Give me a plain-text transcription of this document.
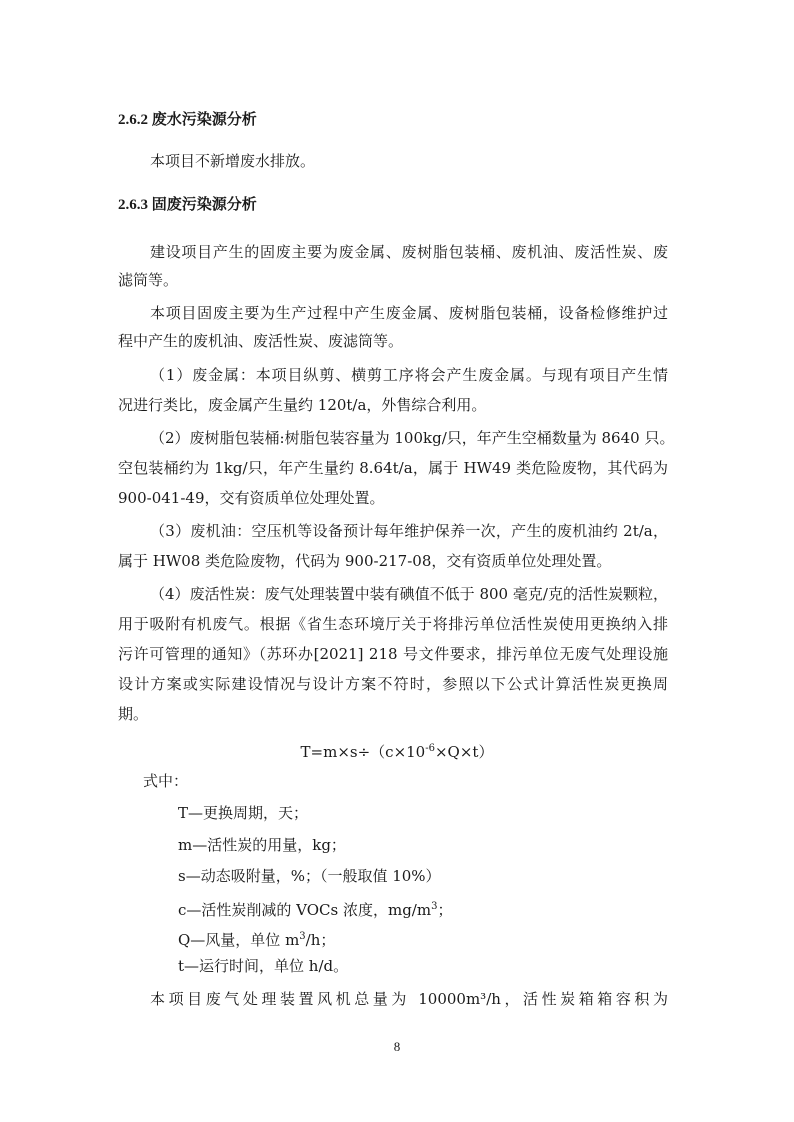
2.6.2 废水污染源分析
本项目不新增废水排放。
2.6.3 固废污染源分析
建设项目产生的固废主要为废金属、废树脂包装桶、废机油、废活性炭、废
滤筒等。
本项目固废主要为生产过程中产生废金属、废树脂包装桶，设备检修维护过
程中产生的废机油、废活性炭、废滤筒等。
（1）废金属：本项目纵剪、横剪工序将会产生废金属。与现有项目产生情
况进行类比，废金属产生量约 120t/a，外售综合利用。
（2）废树脂包装桶:树脂包装容量为 100kg/只，年产生空桶数量为 8640 只。
空包装桶约为 1kg/只，年产生量约 8.64t/a，属于 HW49 类危险废物，其代码为
900-041-49，交有资质单位处理处置。
（3）废机油：空压机等设备预计每年维护保养一次，产生的废机油约 2t/a，
属于 HW08 类危险废物，代码为 900-217-08，交有资质单位处理处置。
（4）废活性炭：废气处理装置中装有碘值不低于 800 毫克/克的活性炭颗粒，
用于吸附有机废气。根据《省生态环境厅关于将排污单位活性炭使用更换纳入排
污许可管理的通知》（苏环办[2021] 218 号文件要求，排污单位无废气处理设施
设计方案或实际建设情况与设计方案不符时，参照以下公式计算活性炭更换周
期。
$T=m\times s\div(c\times 10^{-6}\times Q\times t)$
式中：
T—更换周期，天；
m—活性炭的用量，kg；
s—动态吸附量，%；（一般取值 10%）
c—活性炭削减的 VOCs 浓度，$mg/m^3$；
Q—风量，单位 $m^3/h$；
t—运行时间，单位 h/d。
本项目废气处理装置风机总量为 10000m³/h，活性炭箱箱容积为
8
